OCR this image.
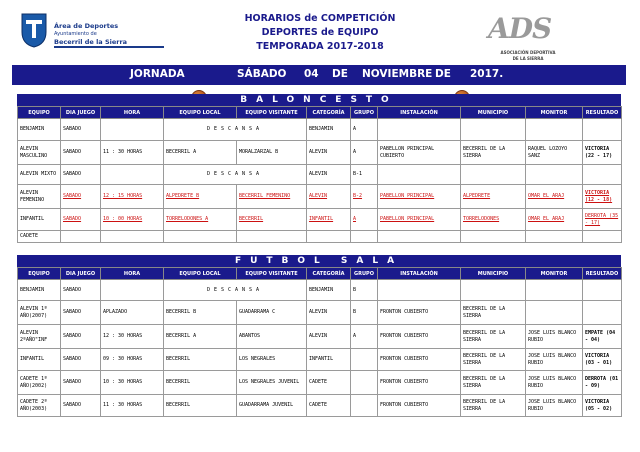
Área de Deportes
Ayuntamiento de
Becerril de la Sierra
HORARIOS de COMPETICIÓN
DEPORTES de EQUIPO
TEMPORADA 2017-2018
ADS
ASOCIACIÓN DEPORTIVA
DE LA SIERRA
JORNADA	SÁBADO 04 DE NOVIEMBRE DE 2017.
BALONCESTO
EQUIPO	DIA JUEGO	HORA	EQUIPO LOCAL	EQUIPO VISITANTE	CATEGORÍA	GRUPO	INSTALACIÓN	MUNICIPIO	MONITOR	RESULTADO
BENJAMIN	SABADO		DESCANSA		BENJAMIN	A				
ALEVIN MASCULINO	SABADO	11 : 30 HORAS	BECERRIL A	MORALZARZAL B	ALEVIN	A	PABELLON PRINCIPAL CUBIERTO	BECERRIL DE LA SIERRA	RAQUEL LOZOYO SANZ	VICTORIA (22 - 17)
ALEVIN MIXTO	SABADO		DESCANSA		ALEVIN	B-1				
ALEVIN FEMENINO	SABADO	12 : 15 HORAS	ALPEDRETE B	BECERRIL FEMENINO	ALEVIN	B-2	PABELLON PRINCIPAL	ALPEDRETE	OMAR EL ARAJ	VICTORIA (12 - 18)
INFANTIL	SABADO	10 : 00 HORAS	TORRELODONES A	BECERRIL	INFANTIL	A	PABELLON PRINCIPAL	TORRELODONES	OMAR EL ARAJ	DERROTA (35 - 17)
CADETE										
FUTBOL SALA
EQUIPO	DIA JUEGO	HORA	EQUIPO LOCAL	EQUIPO VISITANTE	CATEGORÍA	GRUPO	INSTALACIÓN	MUNICIPIO	MONITOR	RESULTADO
BENJAMIN	SABADO		DESCANSA		BENJAMIN	B				
ALEVIN 1º AÑO(2007)	SABADO	APLAZADO	BECERRIL B	GUADARRAMA C	ALEVIN	B	FRONTON CUBIERTO	BECERRIL DE LA SIERRA		
ALEVIN 2ºAÑO"INF	SABADO	12 : 30 HORAS	BECERRIL A	ABANTOS	ALEVIN	A	FRONTON CUBIERTO	BECERRIL DE LA SIERRA	JOSE LUIS BLANCO RUBIO	EMPATE (04 - 04)
INFANTIL	SABADO	09 : 30 HORAS	BECERRIL	LOS NEGRALES	INFANTIL		FRONTON CUBIERTO	BECERRIL DE LA SIERRA	JOSE LUIS BLANCO RUBIO	VICTORIA (03 - 01)
CADETE 1º AÑO(2002)	SABADO	10 : 30 HORAS	BECERRIL	LOS NEGRALES JUVENIL	CADETE		FRONTON CUBIERTO	BECERRIL DE LA SIERRA	JOSE LUIS BLANCO RUBIO	DERROTA (01 - 09)
CADETE 2º AÑO(2003)	SABADO	11 : 30 HORAS	BECERRIL	GUADARRAMA JUVENIL	CADETE		FRONTON CUBIERTO	BECERRIL DE LA SIERRA	JOSE LUIS BLANCO RUBIO	VICTORIA (05 - 02)
